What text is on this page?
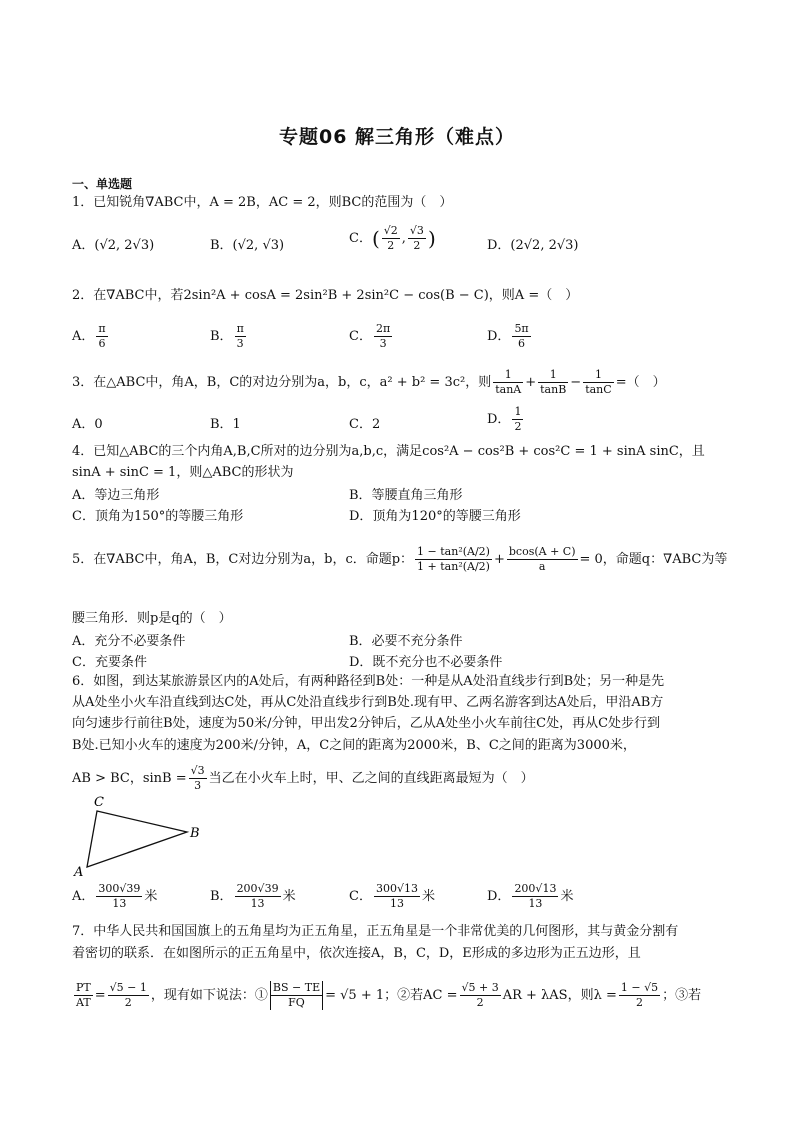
专题06 解三角形（难点）
一、单选题
1．已知锐角∇ABC中，A = 2B，AC = 2，则BC的范围为（　）
A．(√2, 2√3)	B．(√2, √3)	C．( $\frac{√2}{2}$ , $\frac{√3}{2}$ )	D．(2√2, 2√3)
2．在∇ABC中，若2sin²A + cosA = 2sin²B + 2sin²C − cos(B − C)，则A =（　）
A． $\frac{\pi}{6}$	B． $\frac{\pi}{3}$	C． $\frac{2\pi}{3}$	D． $\frac{5\pi}{6}$
3．在△ABC中，角A，B，C的对边分别为a，b，c，a² + b² = 3c²，则 $\frac{1}{\tan A} + \frac{1}{\tan B} - \frac{1}{\tan C}$ =（　）
A．0	B．1	C．2	D． $\frac{1}{2}$
4．已知△ABC的三个内角A,B,C所对的边分别为a,b,c，满足cos²A − cos²B + cos²C = 1 + sinA sinC，且
sinA + sinC = 1，则△ABC的形状为
A．等边三角形	B．等腰直角三角形
C．顶角为150°的等腰三角形	D．顶角为120°的等腰三角形
5．在∇ABC中，角A，B，C对边分别为a，b，c．命题p： $\frac{\text{1 − tan²(A/2)}}{\text{1 + tan²(A/2)}} + \frac{bcos(A + C)}{a} = 0$，命题q：∇ABC为等
腰三角形．则p是q的（　）
A．充分不必要条件	B．必要不充分条件
C．充要条件	D．既不充分也不必要条件
6．如图，到达某旅游景区内的A处后，有两种路径到B处：一种是从A处沿直线步行到B处；另一种是先
从A处坐小火车沿直线到达C处，再从C处沿直线步行到B处.现有甲、乙两名游客到达A处后，甲沿AB方
向匀速步行前往B处，速度为50米/分钟，甲出发2分钟后，乙从A处坐小火车前往C处，再从C处步行到
B处.已知小火车的速度为200米/分钟，A，C之间的距离为2000米，B、C之间的距离为3000米，
AB > BC，$\sin B = \frac{√3}{3}$ 当乙在小火车上时，甲、乙之间的直线距离最短为（　）
C
B
A
A． $\frac{300√39}{13}$ 米	B． $\frac{200√39}{13}$ 米	C． $\frac{300√13}{13}$ 米	D． $\frac{200√13}{13}$ 米
7．中华人民共和国国旗上的五角星均为正五角星，正五角星是一个非常优美的几何图形，其与黄金分割有
着密切的联系．在如图所示的正五角星中，依次连接A，B，C，D，E形成的多边形为正五边形，且
$\frac{PT}{AT} = \frac{√5 - 1}{2}$ ，现有如下说法：① $\frac{BS - TE}{FQ} = √5 + 1$；②若AC = $\frac{√5 + 3}{2}$ AR + λAS，则$\lambda = \frac{1 - √5}{2}$ ；③若
